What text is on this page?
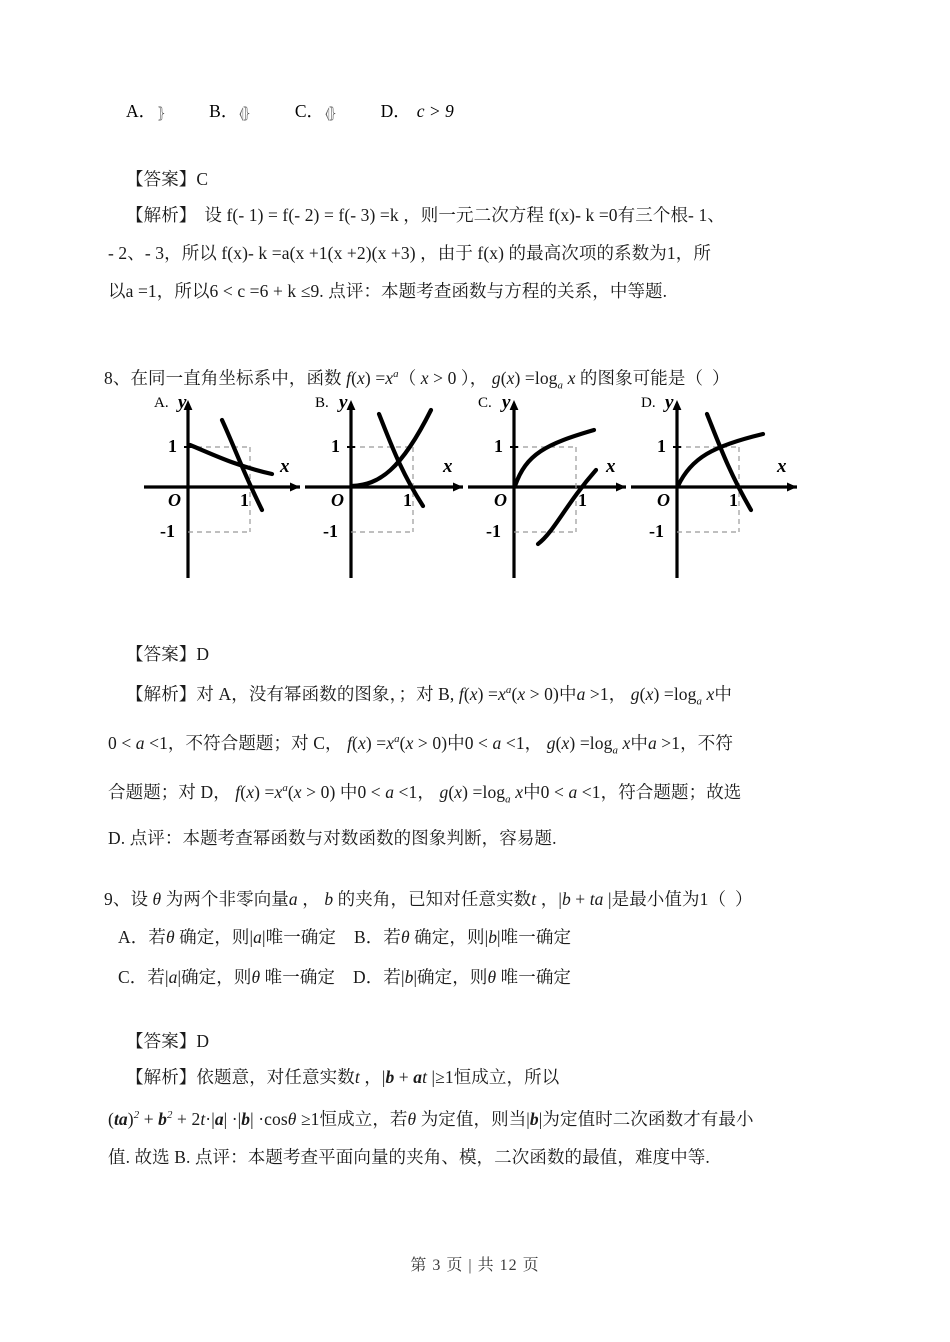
A．⦄	B．⦉⦄	C．⦉⦄	D． c > 9
【答案】C
【解析】 设 f(- 1) = f(- 2) = f(- 3) =k ，则一元二次方程 f(x)- k =0有三个根- 1、
- 2、- 3，所以 f(x)- k =a(x +1(x +2)(x +3) ，由于 f(x) 的最高次项的系数为1，所
以a =1，所以6 < c =6 + k ≤9. 点评：本题考查函数与方程的关系，中等题.
8、在同一直角坐标系中，函数 $f(x) =x^a$（ x > 0 ）， $g(x) =\log_a$ x 的图象可能是（  ）
A. y
x
O	1
1
-1
B. y
x
O	1
1
-1
C. y
x
O	1
1
-1
D. y
x
O	1
1
-1
【答案】D
【解析】对 A，没有幂函数的图象，；对 B, $f(x) =x^a(x > 0)$中a >1， $g(x) =\log_a$ x中
0 < a <1，不符合题题；对 C， $f(x) =x^a(x > 0)$中0 < a <1， $g(x) =\log_a$ x中a >1，不符
合题题；对 D， $f(x) =x^a(x > 0)$ 中0 < a <1， $g(x) =\log_a$ x中0 < a <1，符合题题；故选
D. 点评：本题考查幂函数与对数函数的图象判断，容易题.
9、设 θ 为两个非零向量a ， b 的夹角，已知对任意实数t ，|b + ta |是最小值为1（  ）
A．若θ 确定，则|a|唯一确定 B．若θ 确定，则|b|唯一确定
C．若|a|确定，则θ 唯一确定 D．若|b|确定，则θ 唯一确定
【答案】D
【解析】依题意，对任意实数t ，|b + at |≥1恒成立，所以
$(ta)^2 + b^2 + 2t\cdot|a| \cdot|b| \cdot\cos\theta \ge 1$恒成立，若θ 为定值，则当|b|为定值时二次函数才有最小
值. 故选 B. 点评：本题考查平面向量的夹角、模，二次函数的最值，难度中等.
第 3 页 | 共 12 页
